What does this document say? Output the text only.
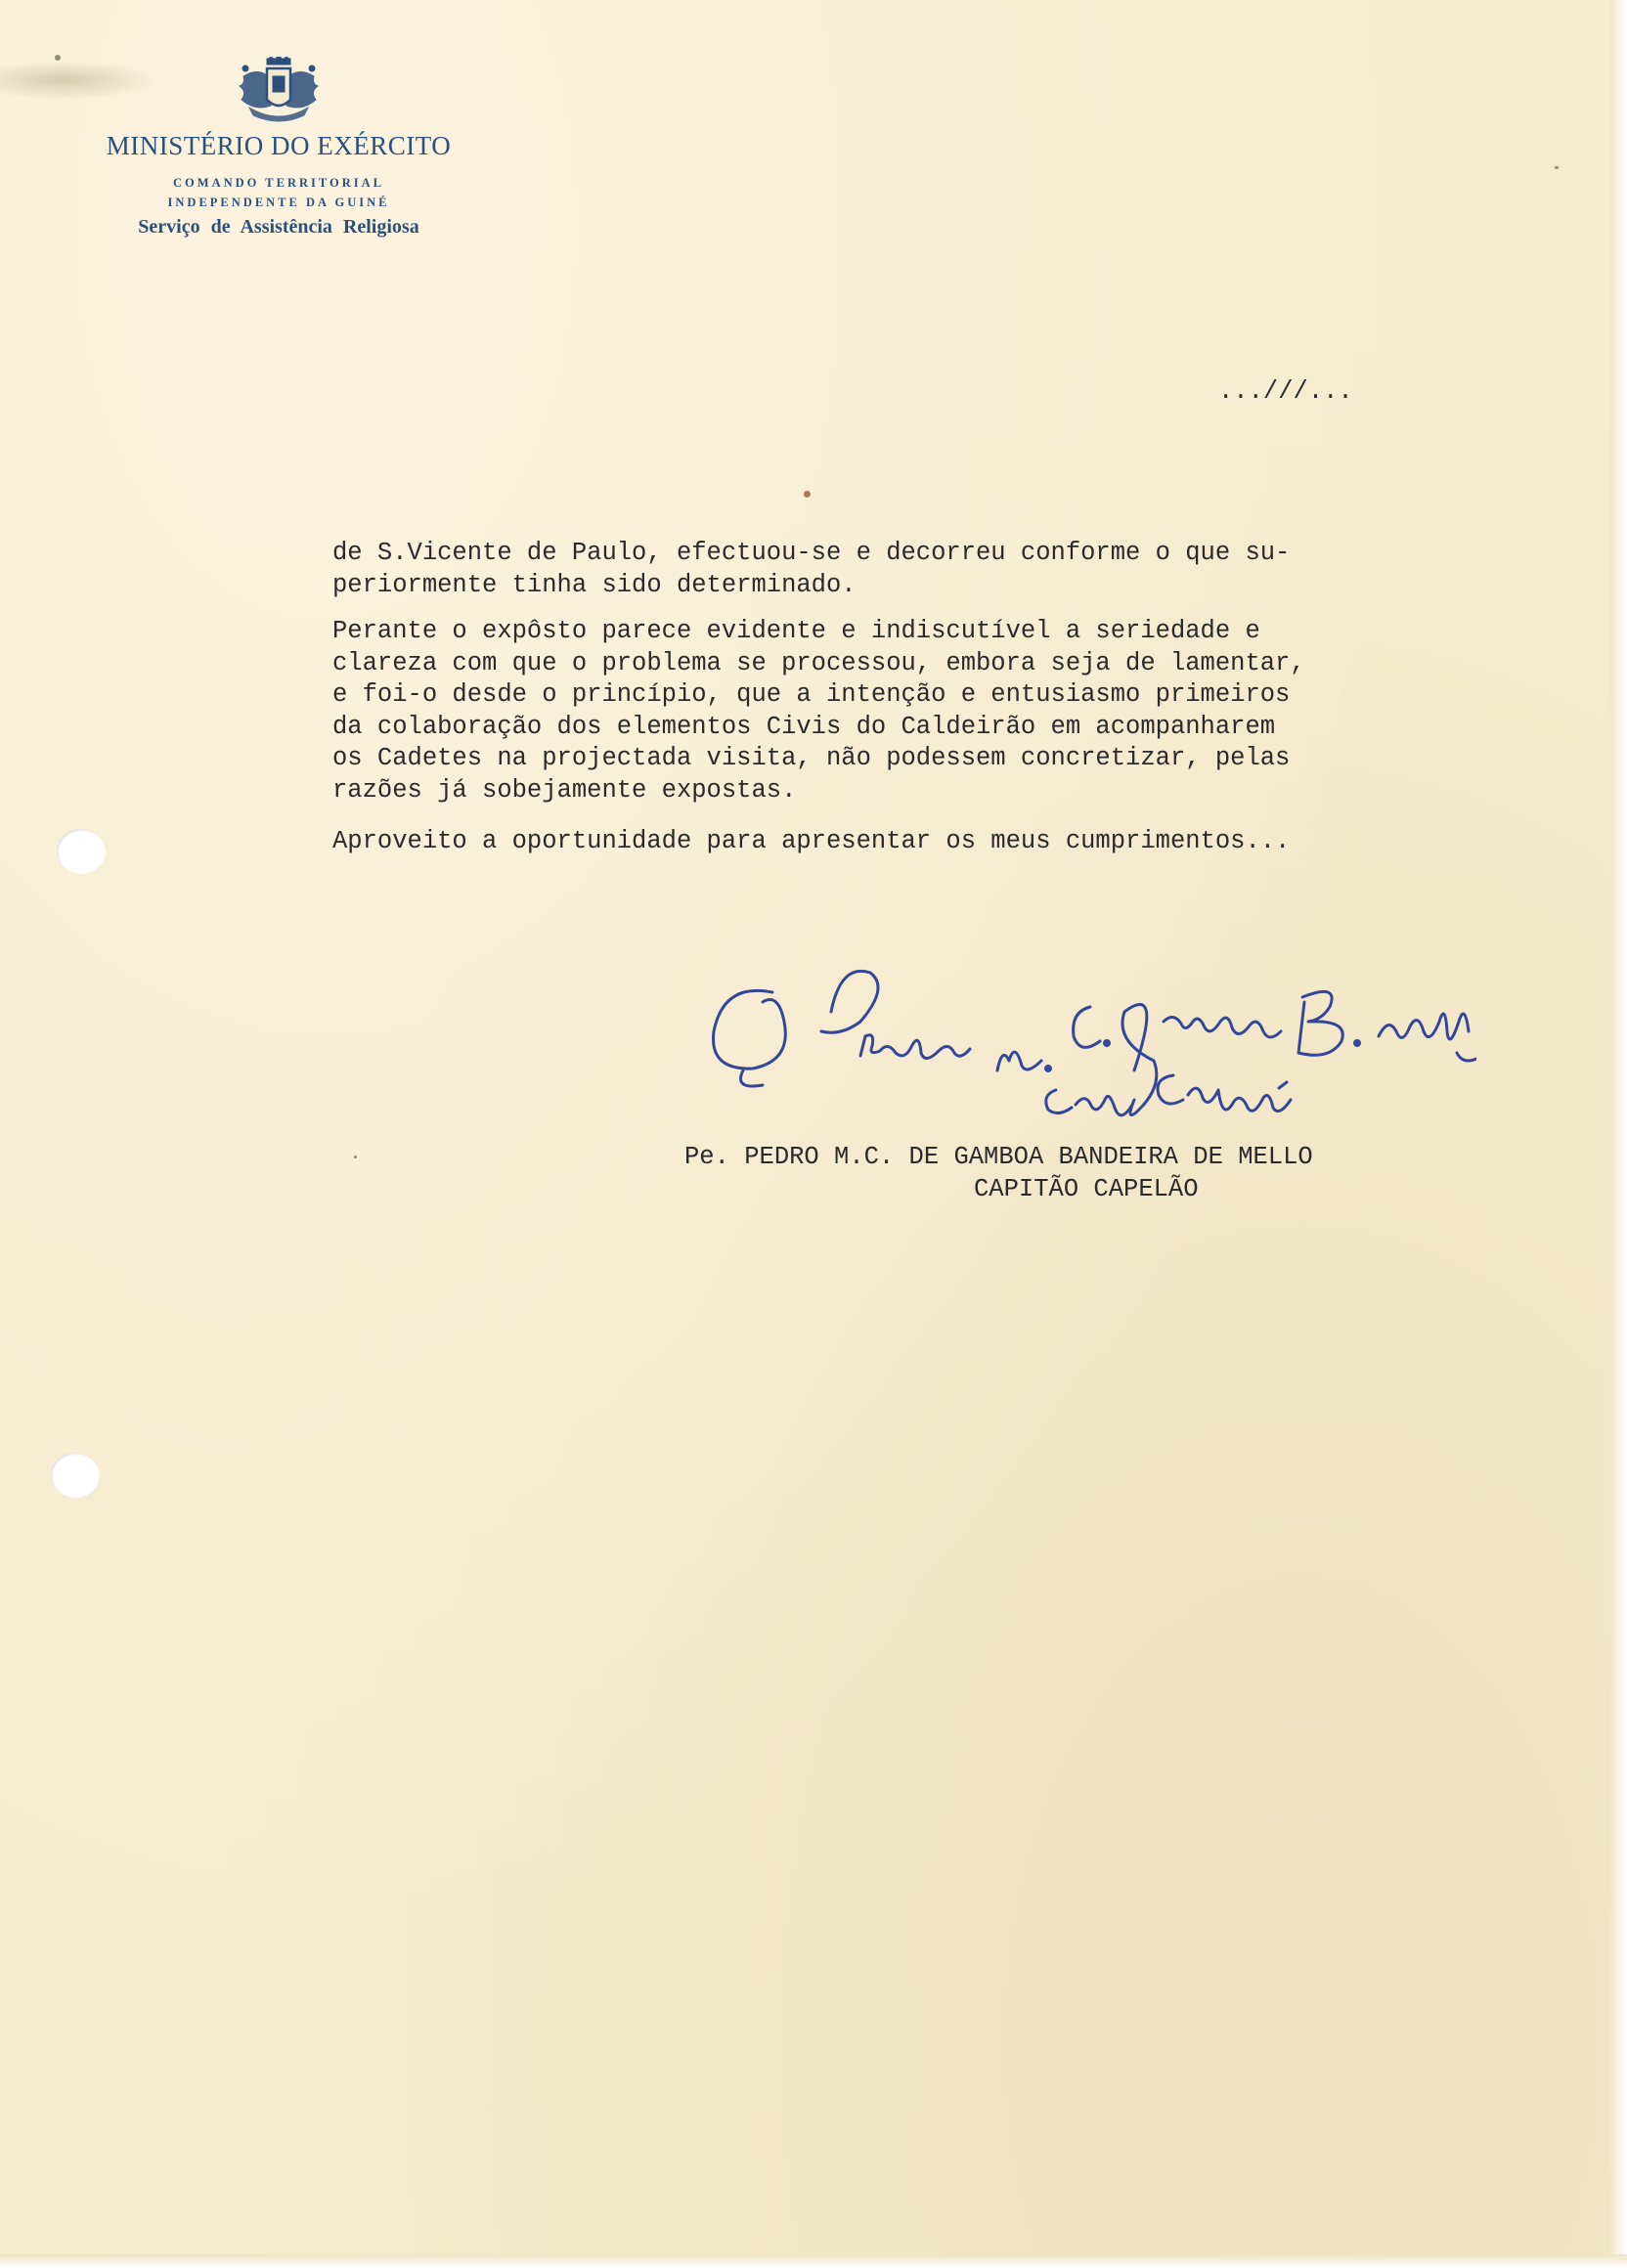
MINISTÉRIO DO EXÉRCITO
COMANDO TERRITORIAL
INDEPENDENTE DA GUINÉ
Serviço de Assistência Religiosa
...///...
de S.Vicente de Paulo, efectuou-se e decorreu conforme o que su-
periormente tinha sido determinado.
Perante o expôsto parece evidente e indiscutível a seriedade e
clareza com que o problema se processou, embora seja de lamentar,
e foi-o desde o princípio, que a intenção e entusiasmo primeiros
da colaboração dos elementos Civis do Caldeirão em acompanharem
os Cadetes na projectada visita, não podessem concretizar, pelas
razões já sobejamente expostas.
Aproveito a oportunidade para apresentar os meus cumprimentos...
Pe. PEDRO M.C. DE GAMBOA BANDEIRA DE MELLO
CAPITÃO CAPELÃO
